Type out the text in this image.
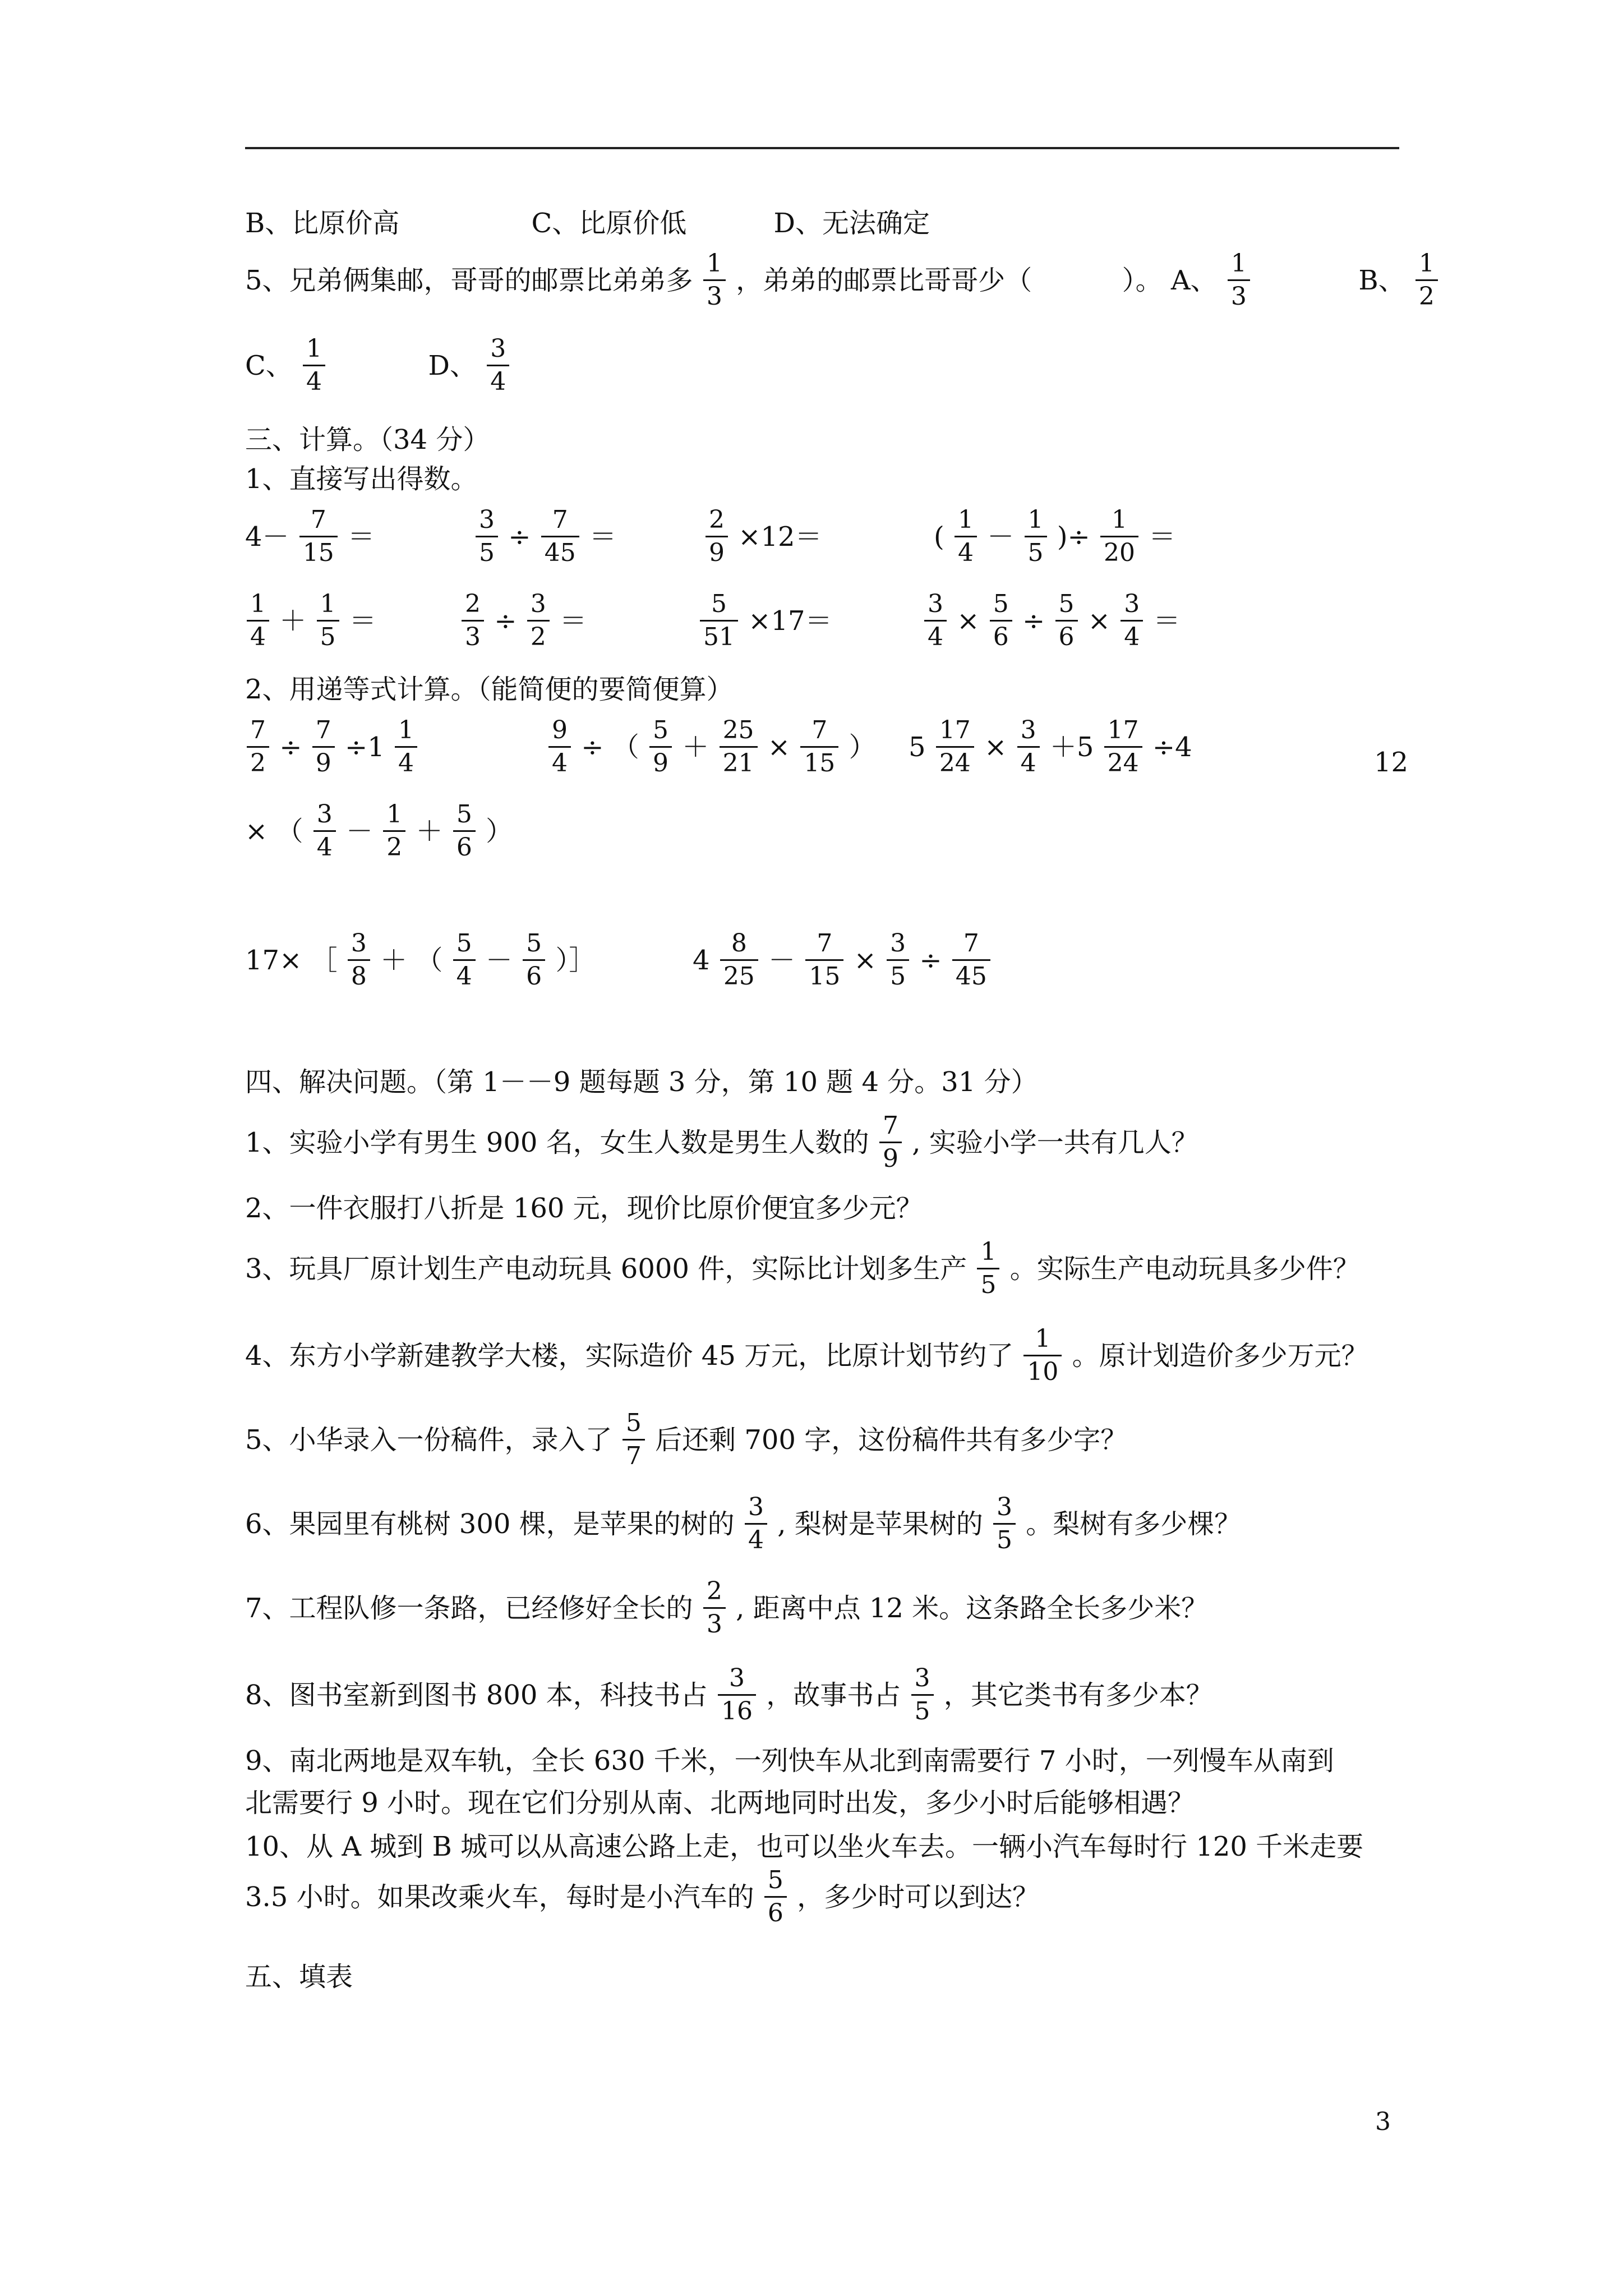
B、比原价高	C、比原价低	D、无法确定
5、兄弟俩集邮，哥哥的邮票比弟弟多 $\frac{1}{3}$ ，弟弟的邮票比哥哥少（	）。 A、 $\frac{1}{3}$	B、 $\frac{1}{2}$
C、 $\frac{1}{4}$	D、 $\frac{3}{4}$
三、计算。（34 分）
1、直接写出得数。
$4- \frac{7}{15}$ ＝	$\frac{3}{5} \div \frac{7}{45}$ ＝	$\frac{2}{9} \times 12=$	( $\frac{1}{4} - \frac{1}{5}$ )÷ $\frac{1}{20}$ ＝
$\frac{1}{4} + \frac{1}{5}$ ＝	$\frac{2}{3} \div \frac{3}{2}$ ＝	$\frac{5}{51} \times 17=$	$\frac{3}{4} \times \frac{5}{6} \div \frac{5}{6} \times \frac{3}{4}$ ＝
2、用递等式计算。（能简便的要简便算）
$\frac{7}{2} \div \frac{7}{9} \div 1 \frac{1}{4}$	$\frac{9}{4}$ ÷ （ $\frac{5}{9} + \frac{25}{21} \times \frac{7}{15}$ ） $5 \frac{17}{24} \times \frac{3}{4} +5 \frac{17}{24} \div 4$	12
× （ $\frac{3}{4} - \frac{1}{2} + \frac{5}{6}$ ）
17× ［ $\frac{3}{8}$ ＋ （ $\frac{5}{4} - \frac{5}{6}$ ）］	$4 \frac{8}{25} - \frac{7}{15} \times \frac{3}{5} \div \frac{7}{45}$
四、解决问题。（第 1－－9 题每题 3 分，第 10 题 4 分。31 分）
1、实验小学有男生 900 名，女生人数是男生人数的 $\frac{7}{9}$ , 实验小学一共有几人？
2、一件衣服打八折是 160 元，现价比原价便宜多少元？
3、玩具厂原计划生产电动玩具 6000 件，实际比计划多生产 $\frac{1}{5}$ 。实际生产电动玩具多少件？
4、东方小学新建教学大楼，实际造价 45 万元，比原计划节约了 $\frac{1}{10}$ 。原计划造价多少万元？
5、小华录入一份稿件，录入了 $\frac{5}{7}$ 后还剩 700 字，这份稿件共有多少字？
6、果园里有桃树 300 棵，是苹果的树的 $\frac{3}{4}$ , 梨树是苹果树的 $\frac{3}{5}$ 。梨树有多少棵？
7、工程队修一条路，已经修好全长的 $\frac{2}{3}$ , 距离中点 12 米。这条路全长多少米？
8、图书室新到图书 800 本，科技书占 $\frac{3}{16}$ ，故事书占 $\frac{3}{5}$ ，其它类书有多少本？
9、南北两地是双车轨，全长 630 千米，一列快车从北到南需要行 7 小时，一列慢车从南到
北需要行 9 小时。现在它们分别从南、北两地同时出发，多少小时后能够相遇？
10、从 A 城到 B 城可以从高速公路上走，也可以坐火车去。一辆小汽车每时行 120 千米走要
3.5 小时。如果改乘火车，每时是小汽车的 $\frac{5}{6}$ ，多少时可以到达？
五、填表
3
